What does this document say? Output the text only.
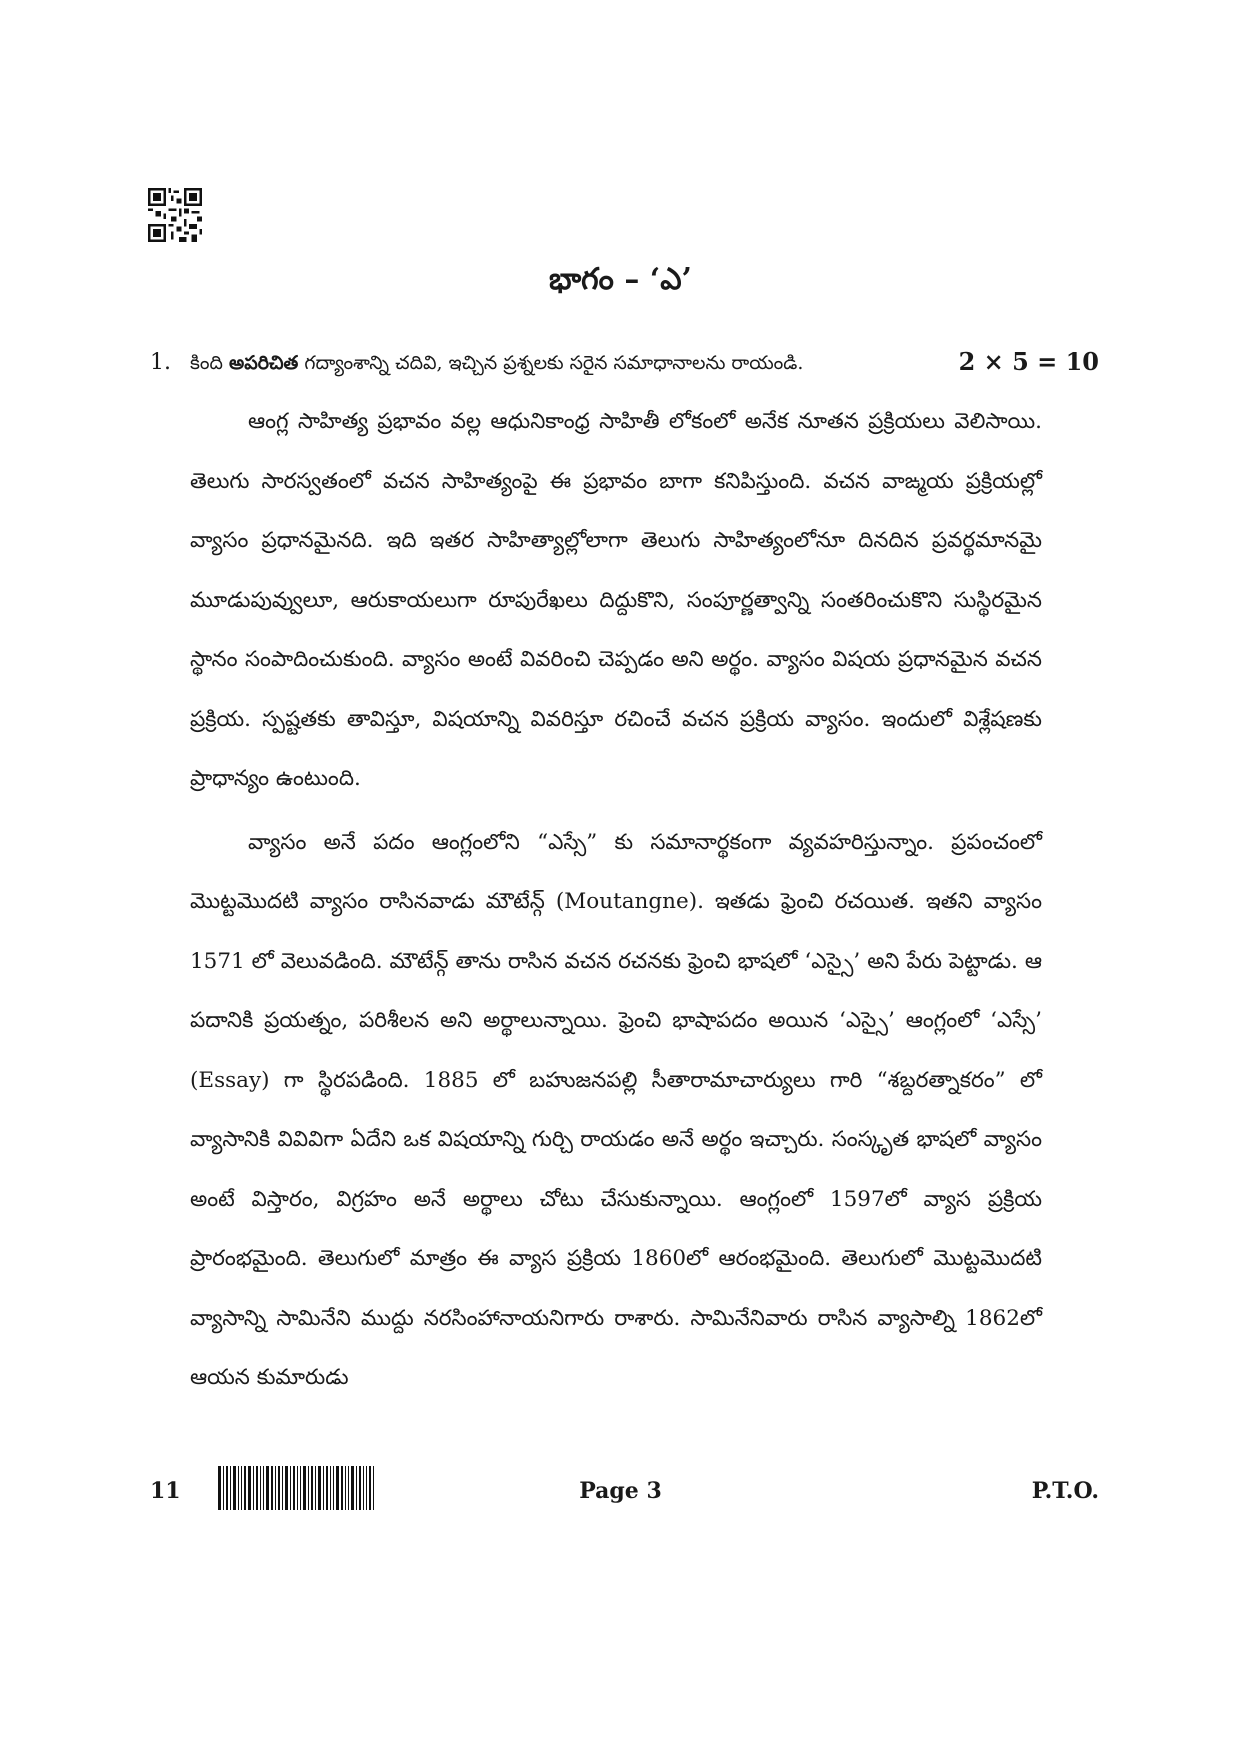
భాగం – ‘ఎ’
1. కింది అపరిచిత గద్యాంశాన్ని చదివి, ఇచ్చిన ప్రశ్నలకు సరైన సమాధానాలను రాయండి.	2 × 5 = 10

ఆంగ్ల సాహిత్య ప్రభావం వల్ల ఆధునికాంధ్ర సాహితీ లోకంలో అనేక నూతన ప్రక్రియలు వెలిసాయి. తెలుగు సారస్వతంలో వచన సాహిత్యంపై ఈ ప్రభావం బాగా కనిపిస్తుంది. వచన వాఙ్మయ ప్రక్రియల్లో వ్యాసం ప్రధానమైనది. ఇది ఇతర సాహిత్యాల్లోలాగా తెలుగు సాహిత్యంలోనూ దినదిన ప్రవర్థమానమై మూడుపువ్వులూ, ఆరుకాయలుగా రూపురేఖలు దిద్దుకొని, సంపూర్ణత్వాన్ని సంతరించుకొని సుస్థిరమైన స్థానం సంపాదించుకుంది. వ్యాసం అంటే వివరించి చెప్పడం అని అర్థం. వ్యాసం విషయ ప్రధానమైన వచన ప్రక్రియ. స్పష్టతకు తావిస్తూ, విషయాన్ని వివరిస్తూ రచించే వచన ప్రక్రియ వ్యాసం. ఇందులో విశ్లేషణకు ప్రాధాన్యం ఉంటుంది.

వ్యాసం అనే పదం ఆంగ్లంలోని “ఎస్సే” కు సమానార్థకంగా వ్యవహరిస్తున్నాం. ప్రపంచంలో మొట్టమొదటి వ్యాసం రాసినవాడు మౌటేన్గ్ (Moutangne). ఇతడు ఫ్రెంచి రచయిత. ఇతని వ్యాసం 1571 లో వెలువడింది. మౌటేన్గ్ తాను రాసిన వచన రచనకు ఫ్రెంచి భాషలో ‘ఎస్సై’ అని పేరు పెట్టాడు. ఆ పదానికి ప్రయత్నం, పరిశీలన అని అర్థాలున్నాయి. ఫ్రెంచి భాషాపదం అయిన ‘ఎస్సై’ ఆంగ్లంలో ‘ఎస్సే’ (Essay) గా స్థిరపడింది. 1885 లో బహుజనపల్లి సీతారామాచార్యులు గారి “శబ్దరత్నాకరం” లో వ్యాసానికి వివివిగా ఏదేని ఒక విషయాన్ని గుర్చి రాయడం అనే అర్థం ఇచ్చారు. సంస్కృత భాషలో వ్యాసం అంటే విస్తారం, విగ్రహం అనే అర్థాలు చోటు చేసుకున్నాయి. ఆంగ్లంలో 1597లో వ్యాస ప్రక్రియ ప్రారంభమైంది. తెలుగులో మాత్రం ఈ వ్యాస ప్రక్రియ 1860లో ఆరంభమైంది. తెలుగులో మొట్టమొదటి వ్యాసాన్ని సామినేని ముద్దు నరసింహానాయనిగారు రాశారు. సామినేనివారు రాసిన వ్యాసాల్ని 1862లో ఆయన కుమారుడు

11	Page 3	P.T.O.
